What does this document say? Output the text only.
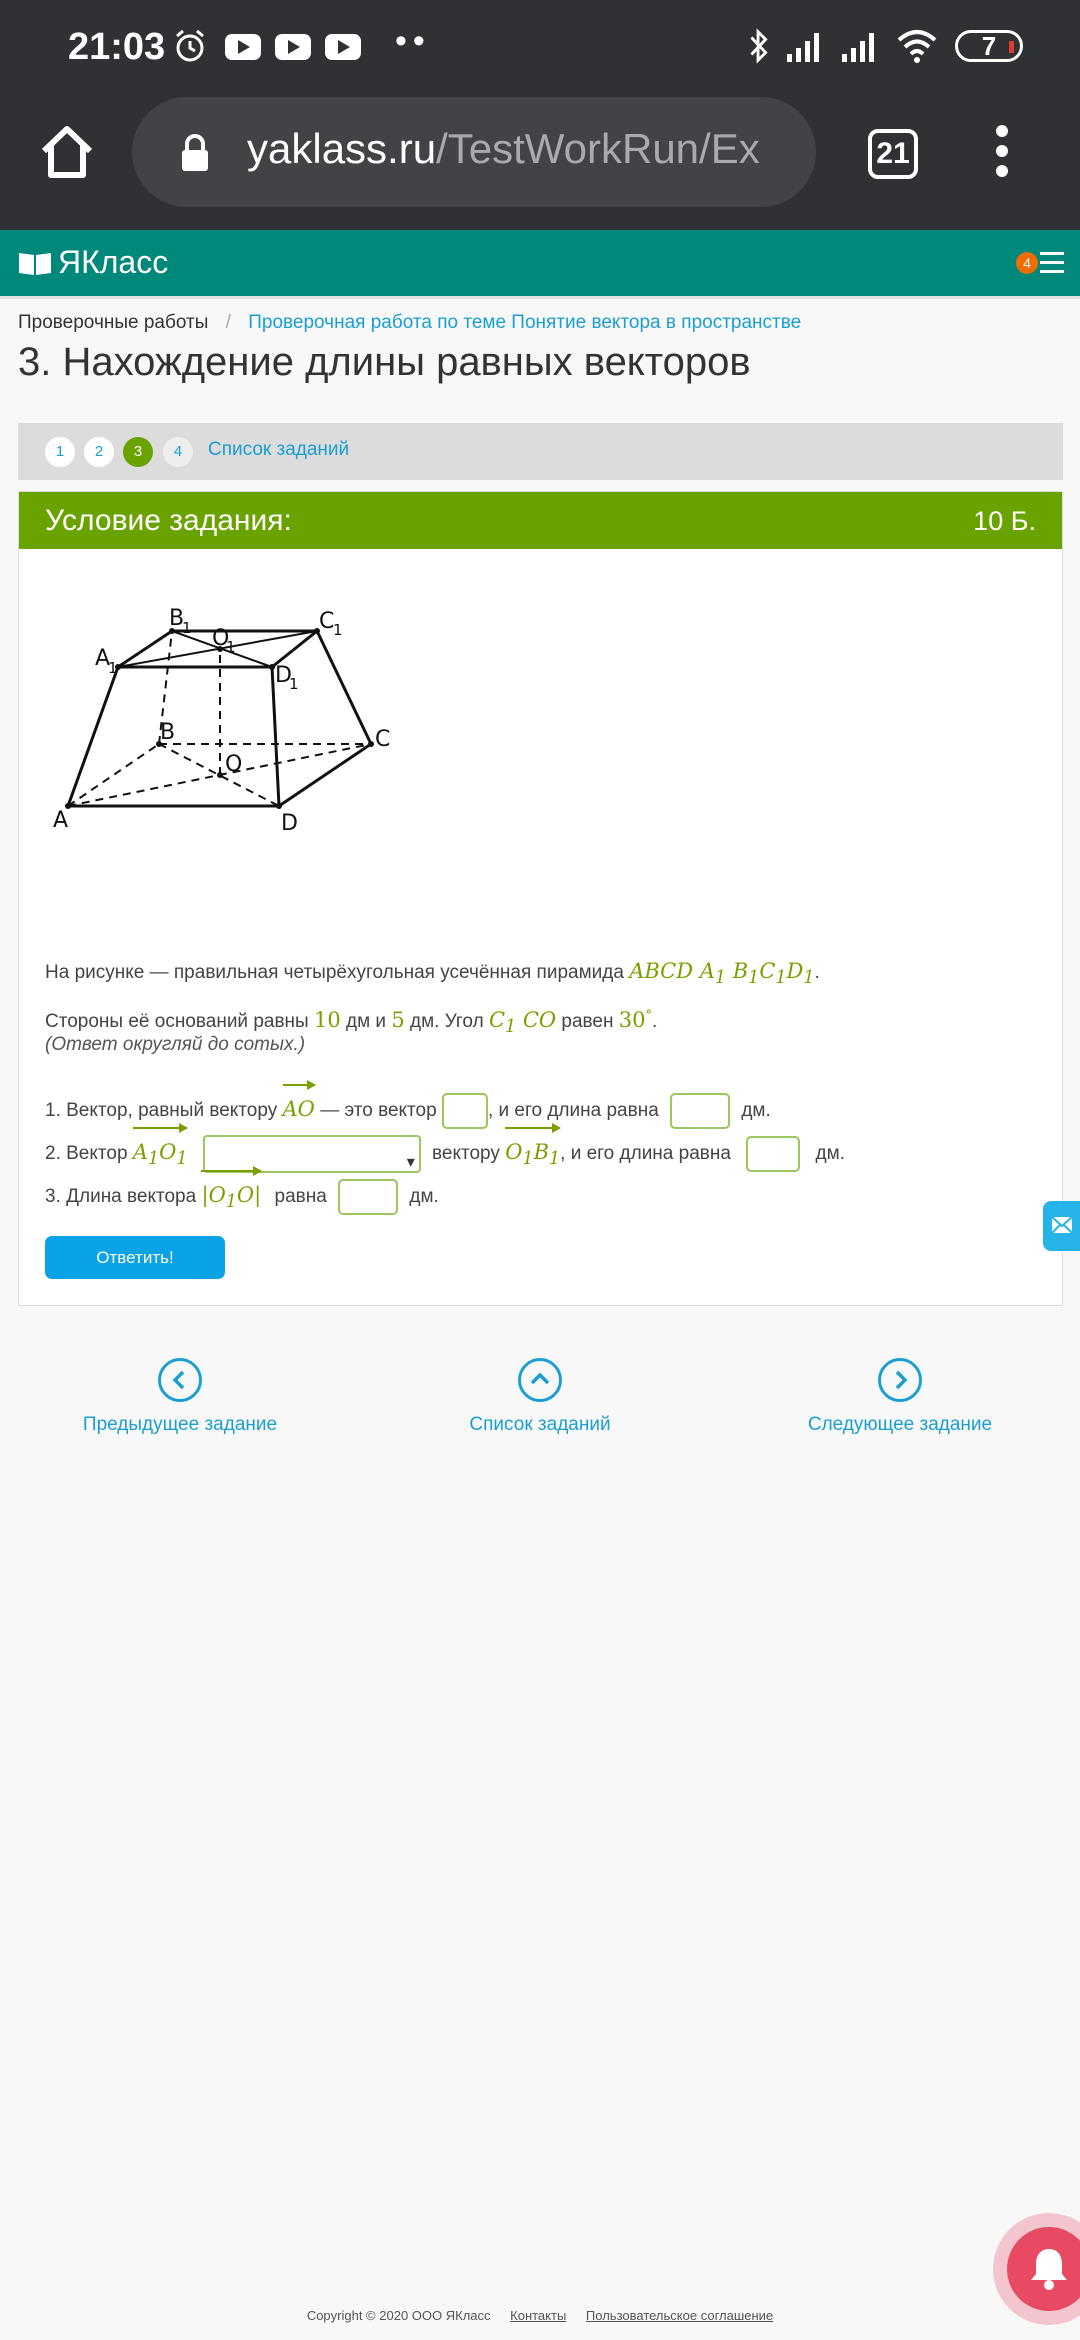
21:03	••	7
yaklass.ru/TestWorkRun/Ex	21
ЯКласс	4
Проверочные работы / Проверочная работа по теме Понятие вектора в пространстве
3. Нахождение длины равных векторов
1	2	3	4	Список заданий
Условие задания:	10 Б.
A
B	C
D
O
A
1
B
1	C
1
D
1
O
1
На рисунке — правильная четырёхугольная усечённая пирамида ABCD $A_1$ $B_1C_1D_1$.
Стороны её оснований равны 10 дм и 5 дм. Угол $C_1$ CO равен 30°.
(Ответ округляй до сотых.)
1. Вектор, равный вектору AO — это вектор	, и его длина равна	дм.
2. Вектор $A_1O_1$ ▾	вектору $O_1B_1$, и его длина равна	дм.
3. Длина вектора $|O_1O|$ равна	дм.
Ответить!
Предыдущее задание	Список заданий	Следующее задание
Copyright © 2020 ООО ЯКласс Контакты Пользовательское соглашение
